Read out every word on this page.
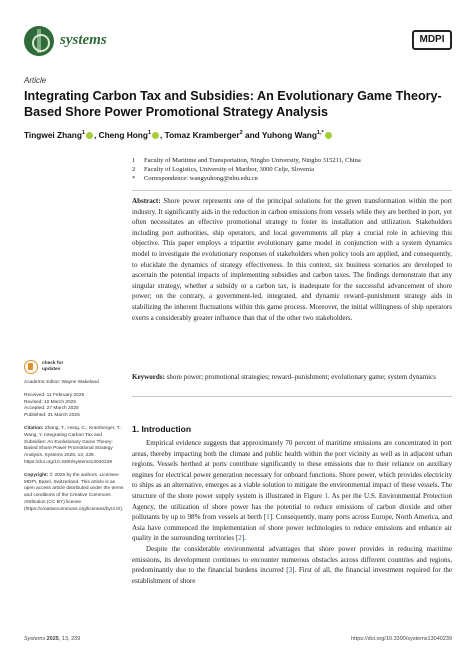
systems	MDPI
Article
Integrating Carbon Tax and Subsidies: An Evolutionary Game Theory-Based Shore Power Promotional Strategy Analysis
Tingwei Zhang$^1$ , Cheng Hong$^1$ , Tomaz Kramberger$^2$ and Yuhong Wang$^{1,*}$
1	Faculty of Maritime and Transportation, Ningbo University, Ningbo 315211, China
2	Faculty of Logistics, University of Maribor, 3000 Celje, Slovenia
*	Correspondence: wangyuhong@nbu.edu.cn
Abstract: Shore power represents one of the principal solutions for the green transformation within the port industry. It significantly aids in the reduction in carbon emissions from vessels while they are berthed in port, yet often necessitates an effective promotional strategy to foster its installation and utilization. Stakeholders including port authorities, ship operators, and local governments all play a crucial role in achieving this objective. This paper employs a tripartite evolutionary game model in conjunction with a system dynamics model to investigate the evolutionary responses of stakeholders when policy tools are applied, and consequently, to elucidate the dynamics of strategy effectiveness. In this context, six business scenarios are developed to ascertain the potential impacts of implementing subsidies and carbon taxes. The findings demonstrate that any singular strategy, whether a subsidy or a carbon tax, is inadequate for the successful advancement of shore power; on the contrary, a government-led, integrated, and dynamic reward–punishment strategy aids in stabilizing the inherent fluctuations within this game process. Moreover, the initial willingness of ship operators exerts a considerably greater influence than that of the other two stakeholders.
Keywords: shore power; promotional strategies; reward–punishment; evolutionary game; system dynamics
check for
updates
Academic Editor: Wayne Wakeland
Received: 11 February 2025
Revised: 10 March 2025
Accepted: 27 March 2025
Published: 31 March 2025
Citation: Zhang, T.; Hong, C.; Kramberger, T.; Wang, Y. Integrating Carbon Tax and Subsidies: An Evolutionary Game Theory-Based Shore Power Promotional Strategy Analysis. Systems 2025, 13, 239. https://doi.org/10.3390/systems13040239
Copyright: © 2025 by the authors. Licensee MDPI, Basel, Switzerland. This article is an open access article distributed under the terms and conditions of the Creative Commons Attribution (CC BY) license (https://creativecommons.org/licenses/by/4.0/).
1. Introduction

Empirical evidence suggests that approximately 70 percent of maritime emissions are concentrated in port areas, thereby impacting both the climate and public health within the port vicinity as well as in adjacent urban regions. Vessels berthed at ports contribute significantly to these emissions due to their reliance on auxiliary engines for electrical power generation necessary for onboard functions. Shore power, which provides electricity to ships as an alternative, emerges as a viable solution to mitigate the environmental impact of these vessels. The structure of the shore power supply system is illustrated in Figure 1. As per the U.S. Environmental Protection Agency, the utilization of shore power has the potential to reduce emissions of carbon dioxide and other pollutants by up to 98% from vessels at berth [1]. Consequently, many ports across Europe, North America, and Asia have commenced the implementation of shore power technologies to reduce emissions and enhance air quality in the surrounding territories [2].

Despite the considerable environmental advantages that shore power provides in reducing maritime emissions, its development continues to encounter numerous obstacles across different countries and regions, predominantly due to the financial burdens incurred [3]. First of all, the financial investment required for the establishment of shore

Systems 2025, 13, 239	https://doi.org/10.3390/systems13040239
